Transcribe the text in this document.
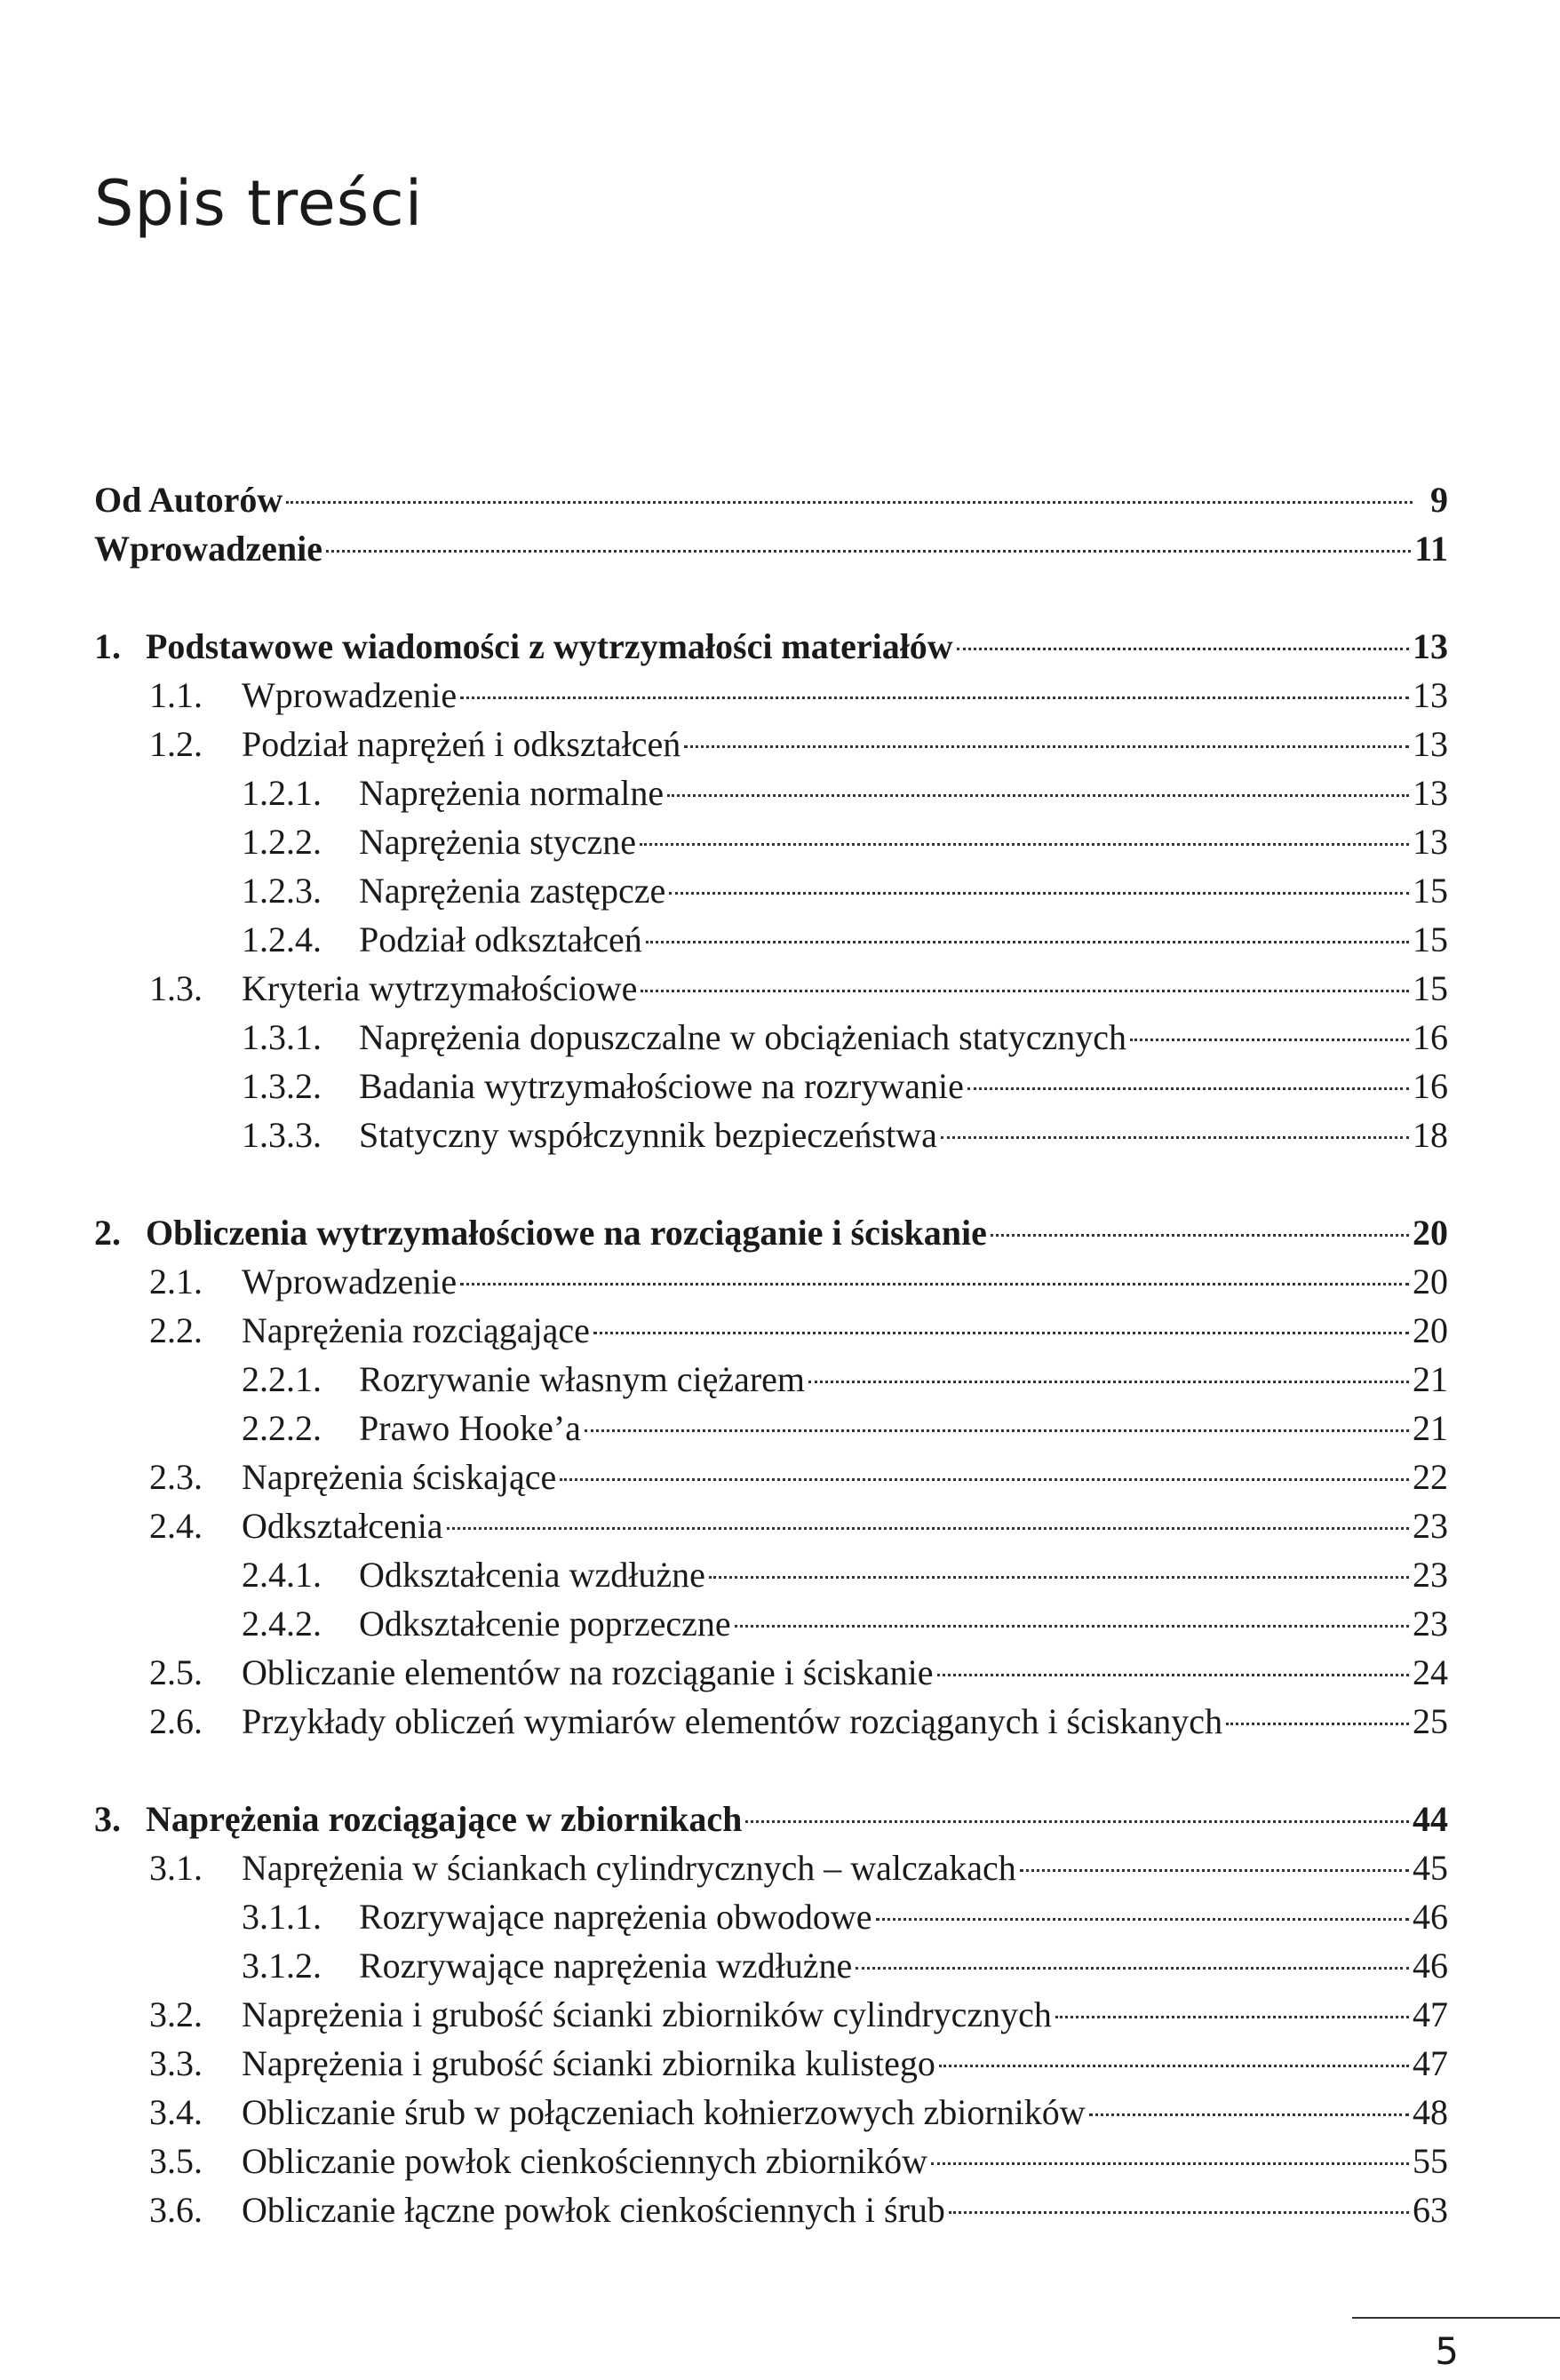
Spis treści
Od Autorów	9
Wprowadzenie	11
1. Podstawowe wiadomości z wytrzymałości materiałów	13
1.1.	Wprowadzenie	13
1.2.	Podział naprężeń i odkształceń	13
1.2.1.	Naprężenia normalne	13
1.2.2.	Naprężenia styczne	13
1.2.3.	Naprężenia zastępcze	15
1.2.4.	Podział odkształceń	15
1.3.	Kryteria wytrzymałościowe	15
1.3.1.	Naprężenia dopuszczalne w obciążeniach statycznych	16
1.3.2.	Badania wytrzymałościowe na rozrywanie	16
1.3.3.	Statyczny współczynnik bezpieczeństwa	18
2. Obliczenia wytrzymałościowe na rozciąganie i ściskanie	20
2.1.	Wprowadzenie	20
2.2.	Naprężenia rozciągające	20
2.2.1.	Rozrywanie własnym ciężarem	21
2.2.2.	Prawo Hooke’a	21
2.3.	Naprężenia ściskające	22
2.4.	Odkształcenia	23
2.4.1.	Odkształcenia wzdłużne	23
2.4.2.	Odkształcenie poprzeczne	23
2.5.	Obliczanie elementów na rozciąganie i ściskanie	24
2.6.	Przykłady obliczeń wymiarów elementów rozciąganych i ściskanych	25
3. Naprężenia rozciągające w zbiornikach	44
3.1.	Naprężenia w ściankach cylindrycznych – walczakach	45
3.1.1.	Rozrywające naprężenia obwodowe	46
3.1.2.	Rozrywające naprężenia wzdłużne	46
3.2.	Naprężenia i grubość ścianki zbiorników cylindrycznych	47
3.3.	Naprężenia i grubość ścianki zbiornika kulistego	47
3.4.	Obliczanie śrub w połączeniach kołnierzowych zbiorników	48
3.5.	Obliczanie powłok cienkościennych zbiorników	55
3.6.	Obliczanie łączne powłok cienkościennych i śrub	63
5
